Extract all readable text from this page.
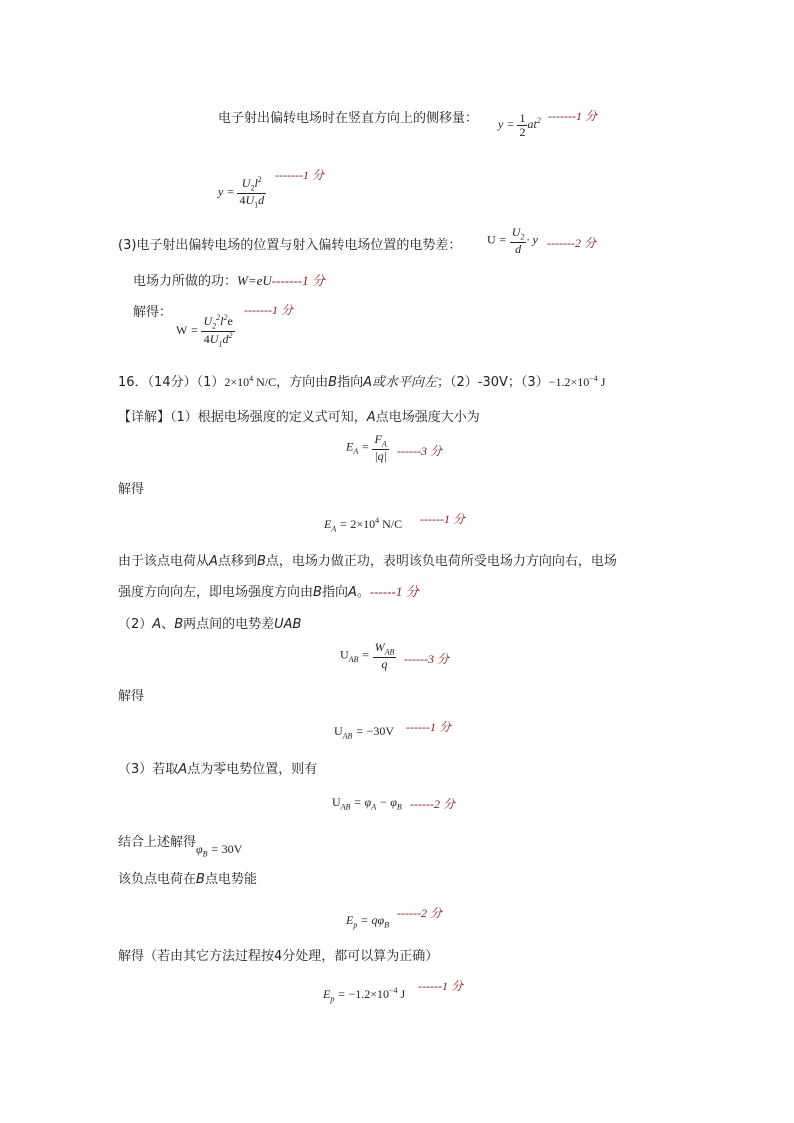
电子射出偏转电场时在竖直方向上的侧移量： $y = \frac{1}{2} at^2$ -------1 分
$y = \frac{U_2l^2}{4U_1d}$
-------1 分
(3)电子射出偏转电场的位置与射入偏转电场位置的电势差： $U = \frac{U_2}{d} \cdot y$ -------2 分
电场力所做的功：W=eU-------1 分
解得：
$W = \frac{U_2^2l^2e}{4U_1d^2}$
-------1 分
16．（14分）$(1)2\times 10^4$ N/C，方向由B指向A或水平向左；（2）-30V；$(3)-1.2\times 10^{-4}$ J
【详解】（1）根据电场强度的定义式可知，A点电场强度大小为
$E_A = \frac{F_A}{|q|} ------3$ 分
解得
$E_A = 2\times 10^4$ N/C ------1 分
由于该点电荷从A点移到B点，电场力做正功，表明该负电荷所受电场力方向向右，电场
强度方向向左，即电场强度方向由B指向A。------1 分
（2）A、B两点间的电势差UAB
$U_{AB} = \frac{W_{AB}}{q} ------3$ 分
解得
$U_{AB} = -30V$ ------1 分
（3）若取A点为零电势位置，则有
$U_{AB} = \varphi_A - \varphi_B$ ------2 分
结合上述解得$\varphi_B = 30V$
该负点电荷在B点电势能
$E_p = q\varphi_B$
------2 分
解得（若由其它方法过程按4分处理，都可以算为正确）
$E_p = -1.2\times 10^{-4}$ J
------1 分
